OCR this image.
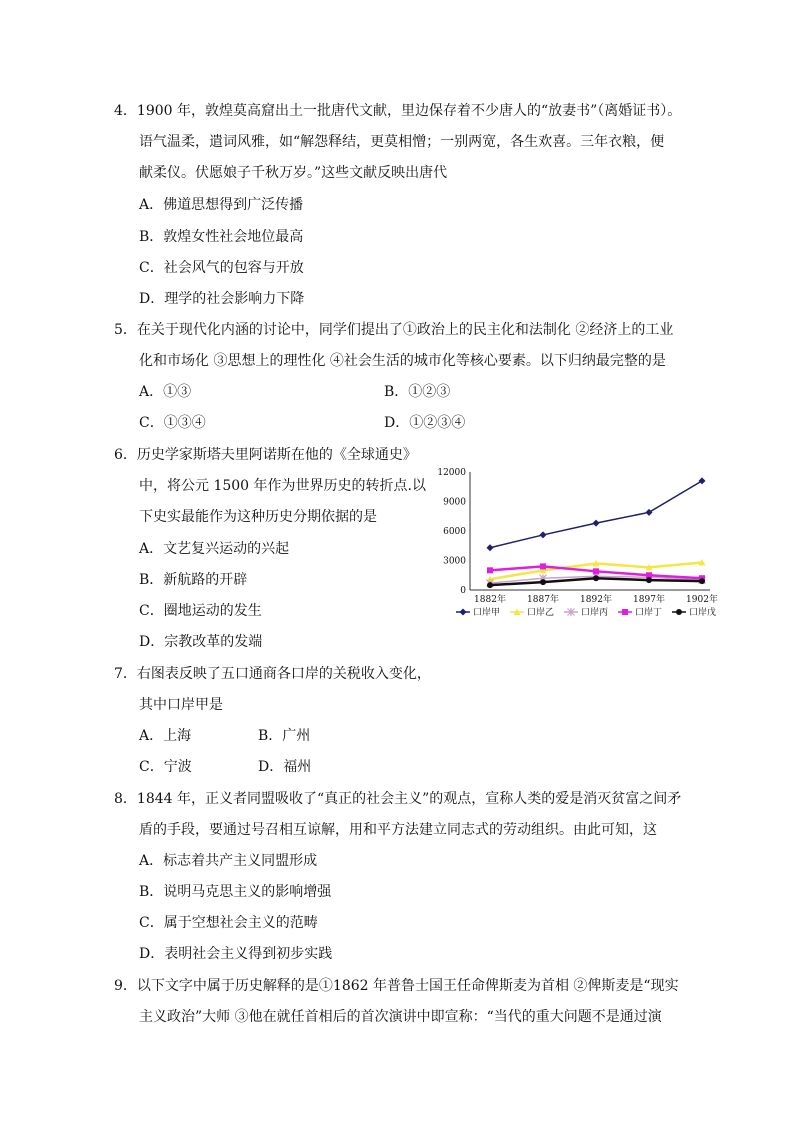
4．1900 年，敦煌莫高窟出土一批唐代文献，里边保存着不少唐人的“放妻书”（离婚证书）。
语气温柔，遣词风雅，如“解怨释结，更莫相憎；一别两宽，各生欢喜。三年衣粮，便
献柔仪。伏愿娘子千秋万岁。”这些文献反映出唐代
A．佛道思想得到广泛传播
B．敦煌女性社会地位最高
C．社会风气的包容与开放
D．理学的社会影响力下降
5．在关于现代化内涵的讨论中，同学们提出了①政治上的民主化和法制化 ②经济上的工业
化和市场化 ③思想上的理性化 ④社会生活的城市化等核心要素。以下归纳最完整的是
A．①③	B．①②③
C．①③④	D．①②③④
6．历史学家斯塔夫里阿诺斯在他的《全球通史》
中，将公元 1500 年作为世界历史的转折点.以
下史实最能作为这种历史分期依据的是
A．文艺复兴运动的兴起
B．新航路的开辟
C．圈地运动的发生
D．宗教改革的发端
7．右图表反映了五口通商各口岸的关税收入变化，
其中口岸甲是
A．上海	B．广州
C．宁波	D．福州
8．1844 年，正义者同盟吸收了“真正的社会主义”的观点，宣称人类的爱是消灭贫富之间矛
盾的手段，要通过号召相互谅解，用和平方法建立同志式的劳动组织。由此可知，这
A．标志着共产主义同盟形成
B．说明马克思主义的影响增强
C．属于空想社会主义的范畴
D．表明社会主义得到初步实践
9．以下文字中属于历史解释的是①1862 年普鲁士国王任命俾斯麦为首相 ②俾斯麦是“现实
主义政治”大师 ③他在就任首相后的首次演讲中即宣称：“当代的重大问题不是通过演
0
3000
6000
9000
12000
1882年 1887年 1892年 1897年 1902年
口岸甲	口岸乙	口岸丙	口岸丁	口岸戊
